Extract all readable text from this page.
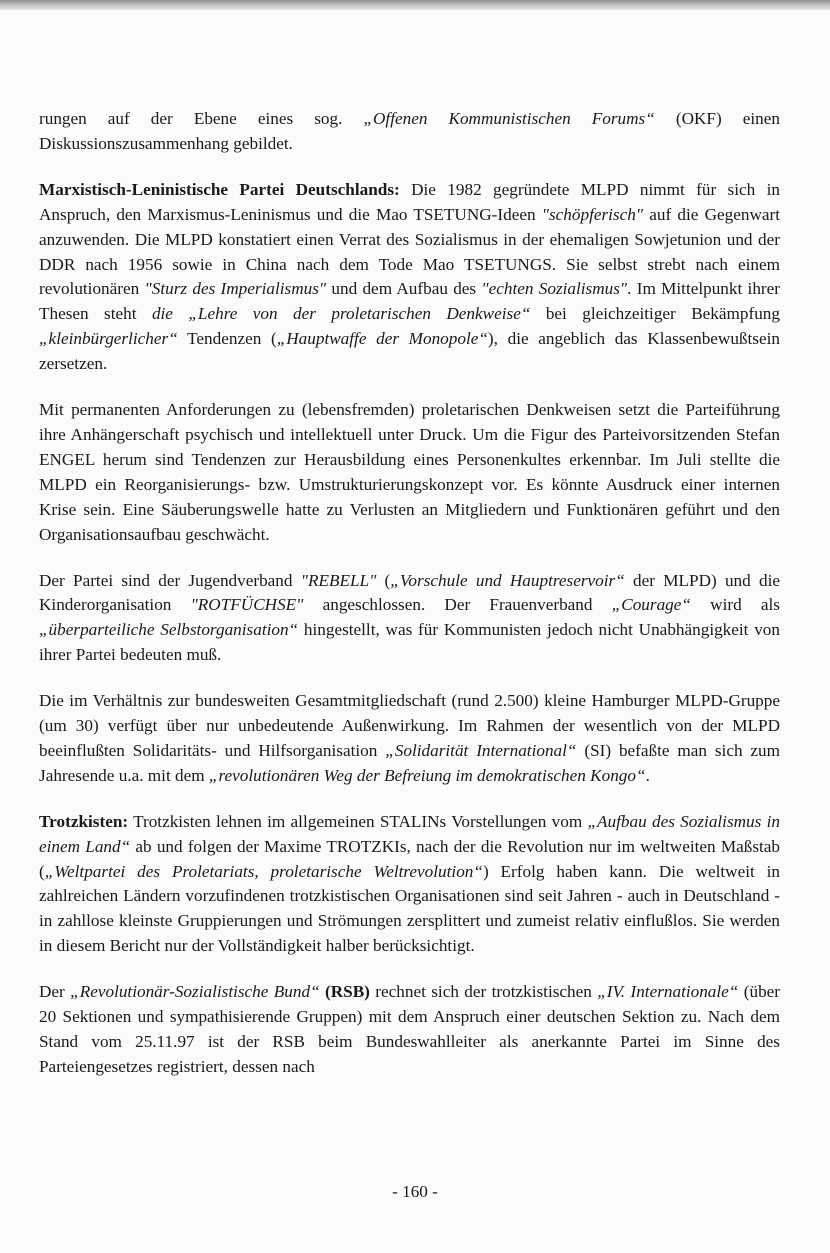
rungen auf der Ebene eines sog. „Offenen Kommunistischen Forums“ (OKF) einen Diskussionszusammenhang gebildet.

Marxistisch-Leninistische Partei Deutschlands: Die 1982 gegründete MLPD nimmt für sich in Anspruch, den Marxismus-Leninismus und die Mao TSETUNG-Ideen "schöpferisch" auf die Gegenwart anzuwenden. Die MLPD konstatiert einen Verrat des Sozialismus in der ehemaligen Sowjetunion und der DDR nach 1956 sowie in China nach dem Tode Mao TSETUNGS. Sie selbst strebt nach einem revolutionären "Sturz des Imperialismus" und dem Aufbau des "echten Sozialismus". Im Mittelpunkt ihrer Thesen steht die „Lehre von der proletarischen Denkweise“ bei gleichzeitiger Bekämpfung „kleinbürgerlicher“ Tendenzen („Hauptwaffe der Monopole“), die angeblich das Klassenbewußtsein zersetzen.

Mit permanenten Anforderungen zu (lebensfremden) proletarischen Denkweisen setzt die Parteiführung ihre Anhängerschaft psychisch und intellektuell unter Druck. Um die Figur des Parteivorsitzenden Stefan ENGEL herum sind Tendenzen zur Herausbildung eines Personenkultes erkennbar. Im Juli stellte die MLPD ein Reorganisierungs- bzw. Umstrukturierungskonzept vor. Es könnte Ausdruck einer internen Krise sein. Eine Säuberungswelle hatte zu Verlusten an Mitgliedern und Funktionären geführt und den Organisationsaufbau geschwächt.

Der Partei sind der Jugendverband "REBELL" („Vorschule und Hauptreservoir“ der MLPD) und die Kinderorganisation "ROTFÜCHSE" angeschlossen. Der Frauenverband „Courage“ wird als „überparteiliche Selbstorganisation“ hingestellt, was für Kommunisten jedoch nicht Unabhängigkeit von ihrer Partei bedeuten muß.

Die im Verhältnis zur bundesweiten Gesamtmitgliedschaft (rund 2.500) kleine Hamburger MLPD-Gruppe (um 30) verfügt über nur unbedeutende Außenwirkung. Im Rahmen der wesentlich von der MLPD beeinflußten Solidaritäts- und Hilfsorganisation „Solidarität International“ (SI) befaßte man sich zum Jahresende u.a. mit dem „revolutionären Weg der Befreiung im demokratischen Kongo“.

Trotzkisten: Trotzkisten lehnen im allgemeinen STALINs Vorstellungen vom „Aufbau des Sozialismus in einem Land“ ab und folgen der Maxime TROTZKIs, nach der die Revolution nur im weltweiten Maßstab („Weltpartei des Proletariats, proletarische Weltrevolution“) Erfolg haben kann. Die weltweit in zahlreichen Ländern vorzufindenen trotzkistischen Organisationen sind seit Jahren - auch in Deutschland - in zahllose kleinste Gruppierungen und Strömungen zersplittert und zumeist relativ einflußlos. Sie werden in diesem Bericht nur der Vollständigkeit halber berücksichtigt.

Der „Revolutionär-Sozialistische Bund“ (RSB) rechnet sich der trotzkistischen „IV. Internationale“ (über 20 Sektionen und sympathisierende Gruppen) mit dem Anspruch einer deutschen Sektion zu. Nach dem Stand vom 25.11.97 ist der RSB beim Bundeswahlleiter als anerkannte Partei im Sinne des Parteiengesetzes registriert, dessen nach

- 160 -
